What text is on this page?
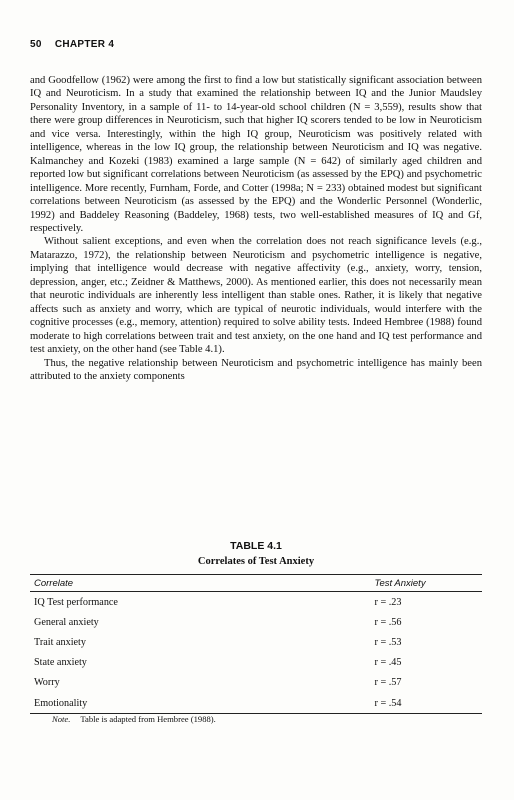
50 CHAPTER 4

and Goodfellow (1962) were among the first to find a low but statistically significant association between IQ and Neuroticism. In a study that examined the relationship between IQ and the Junior Maudsley Personality Inventory, in a sample of 11- to 14-year-old school children (N = 3,559), results show that there were group differences in Neuroticism, such that higher IQ scorers tended to be low in Neuroticism and vice versa. Interestingly, within the high IQ group, Neuroticism was positively related with intelligence, whereas in the low IQ group, the relationship between Neuroticism and IQ was negative. Kalmanchey and Kozeki (1983) examined a large sample (N = 642) of similarly aged children and reported low but significant correlations between Neuroticism (as assessed by the EPQ) and psychometric intelligence. More recently, Furnham, Forde, and Cotter (1998a; N = 233) obtained modest but significant correlations between Neuroticism (as assessed by the EPQ) and the Wonderlic Personnel (Wonderlic, 1992) and Baddeley Reasoning (Baddeley, 1968) tests, two well-established measures of IQ and Gf, respectively.

Without salient exceptions, and even when the correlation does not reach significance levels (e.g., Matarazzo, 1972), the relationship between Neuroticism and psychometric intelligence is negative, implying that intelligence would decrease with negative affectivity (e.g., anxiety, worry, tension, depression, anger, etc.; Zeidner & Matthews, 2000). As mentioned earlier, this does not necessarily mean that neurotic individuals are inherently less intelligent than stable ones. Rather, it is likely that negative affects such as anxiety and worry, which are typical of neurotic individuals, would interfere with the cognitive processes (e.g., memory, attention) required to solve ability tests. Indeed Hembree (1988) found moderate to high correlations between trait and test anxiety, on the one hand and IQ test performance and test anxiety, on the other hand (see Table 4.1).

Thus, the negative relationship between Neuroticism and psychometric intelligence has mainly been attributed to the anxiety components

TABLE 4.1
Correlates of Test Anxiety
Correlate	Test Anxiety
IQ Test performance	r = .23
General anxiety	r = .56
Trait anxiety	r = .53
State anxiety	r = .45
Worry	r = .57
Emotionality	r = .54
Note. Table is adapted from Hembree (1988).
